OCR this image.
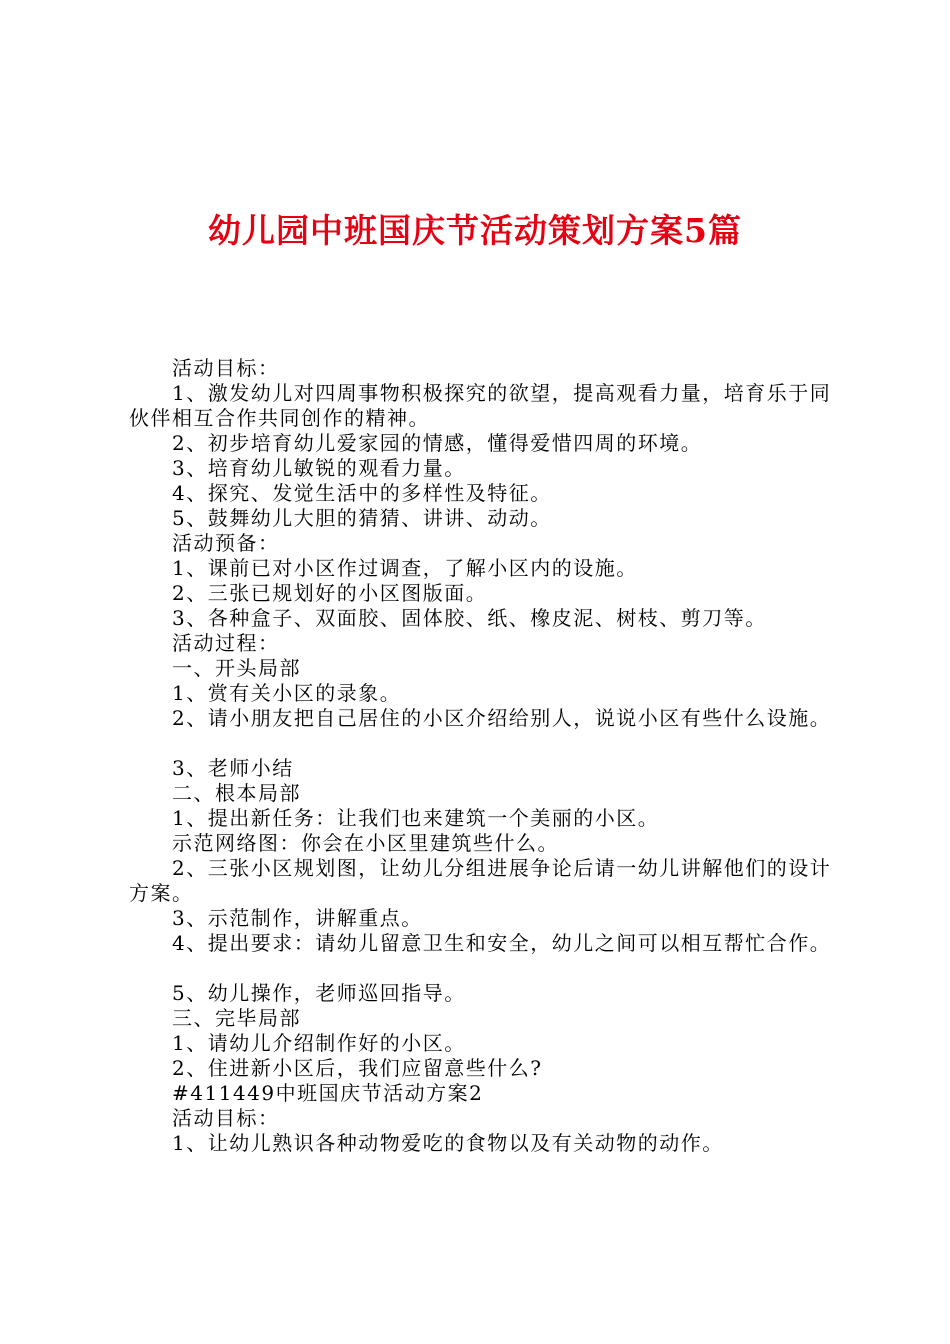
幼儿园中班国庆节活动策划方案5篇

活动目标：

1、激发幼儿对四周事物积极探究的欲望，提高观看力量，培育乐于同伙伴相互合作共同创作的精神。

2、初步培育幼儿爱家园的情感，懂得爱惜四周的环境。

3、培育幼儿敏锐的观看力量。

4、探究、发觉生活中的多样性及特征。

5、鼓舞幼儿大胆的猜猜、讲讲、动动。

活动预备：

1、课前已对小区作过调查，了解小区内的设施。

2、三张已规划好的小区图版面。

3、各种盒子、双面胶、固体胶、纸、橡皮泥、树枝、剪刀等。

活动过程：

一、开头局部

1、赏有关小区的录象。

2、请小朋友把自己居住的小区介绍给别人，说说小区有些什么设施。

3、老师小结

二、根本局部

1、提出新任务：让我们也来建筑一个美丽的小区。

示范网络图：你会在小区里建筑些什么。

2、三张小区规划图，让幼儿分组进展争论后请一幼儿讲解他们的设计方案。

3、示范制作，讲解重点。

4、提出要求：请幼儿留意卫生和安全，幼儿之间可以相互帮忙合作。

5、幼儿操作，老师巡回指导。

三、完毕局部

1、请幼儿介绍制作好的小区。

2、住进新小区后，我们应留意些什么?

#411449中班国庆节活动方案2

活动目标：

1、让幼儿熟识各种动物爱吃的食物以及有关动物的动作。
